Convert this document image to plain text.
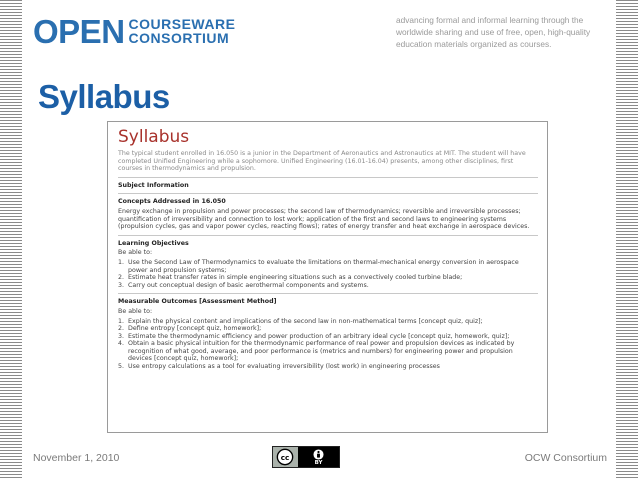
OPEN COURSEWARE
CONSORTIUM
advancing formal and informal learning through the worldwide sharing and use of free, open, high-quality education materials organized as courses.
Syllabus
Syllabus

The typical student enrolled in 16.050 is a junior in the Department of Aeronautics and Astronautics at MIT. The student will have completed Unified Engineering while a sophomore. Unified Engineering (16.01-16.04) presents, among other disciplines, first courses in thermodynamics and propulsion.

Subject Information
Concepts Addressed in 16.050

Energy exchange in propulsion and power processes; the second law of thermodynamics; reversible and irreversible processes; quantification of irreversibility and connection to lost work; application of the first and second laws to engineering systems (propulsion cycles, gas and vapor power cycles, reacting flows); rates of energy transfer and heat exchange in aerospace devices.

Learning Objectives

Be able to:

1. Use the Second Law of Thermodynamics to evaluate the limitations on thermal-mechanical energy conversion in aerospace power and propulsion systems;
2. Estimate heat transfer rates in simple engineering situations such as a convectively cooled turbine blade;
3. Carry out conceptual design of basic aerothermal components and systems.
Measurable Outcomes [Assessment Method]

Be able to:

1. Explain the physical content and implications of the second law in non-mathematical terms [concept quiz, quiz];
2. Define entropy [concept quiz, homework];
3. Estimate the thermodynamic efficiency and power production of an arbitrary ideal cycle [concept quiz, homework, quiz];
4. Obtain a basic physical intuition for the thermodynamic performance of real power and propulsion devices as indicated by recognition of what good, average, and poor performance is (metrics and numbers) for engineering power and propulsion devices [concept quiz, homework];
5. Use entropy calculations as a tool for evaluating irreversibility (lost work) in engineering processes
November 1, 2010	cc
BY	OCW Consortium
